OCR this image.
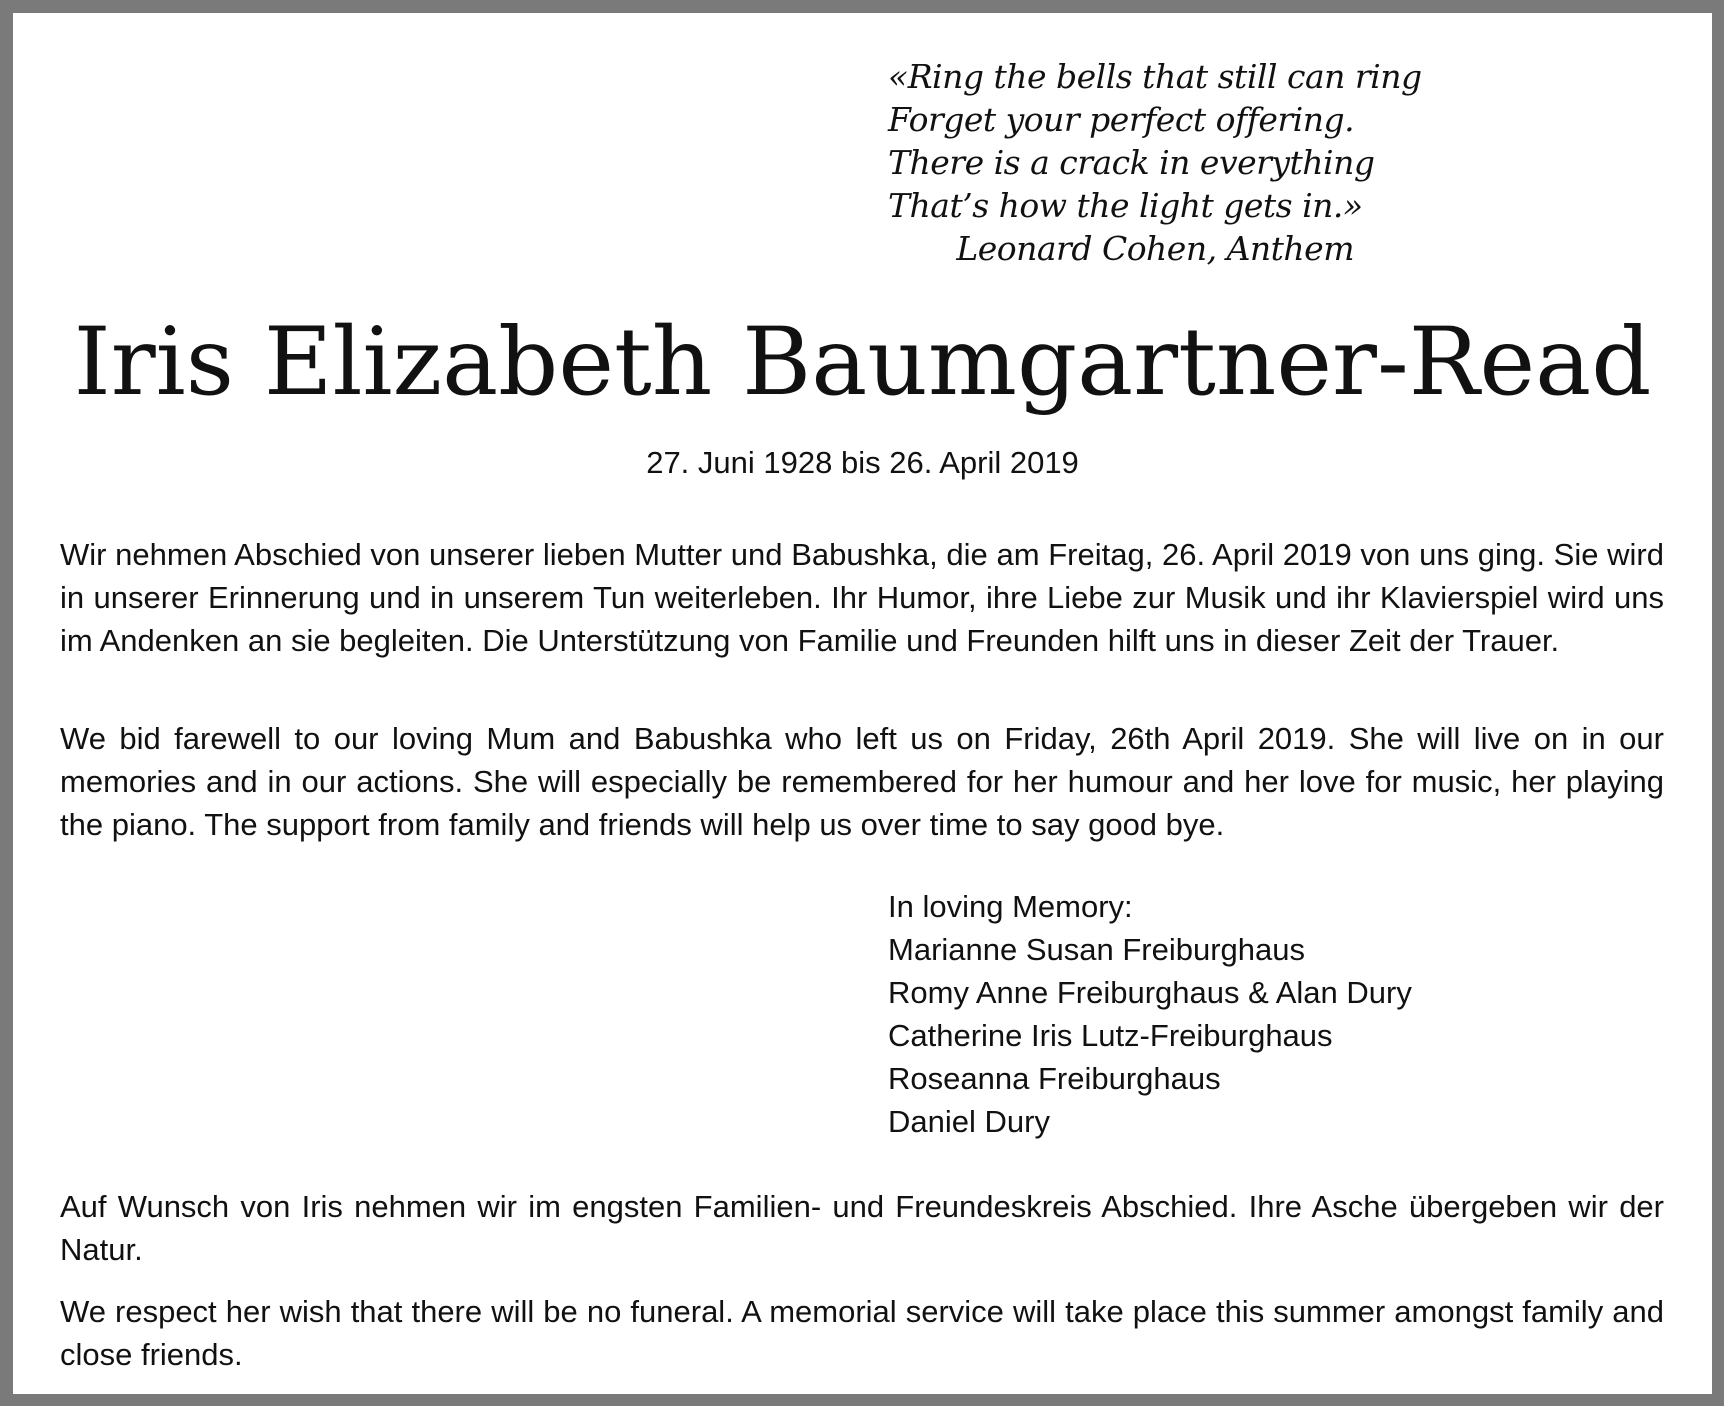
«Ring the bells that still can ring
Forget your perfect offering.
There is a crack in everything
That’s how the light gets in.»
Leonard Cohen, Anthem
Iris Elizabeth Baumgartner-Read
27. Juni 1928 bis 26. April 2019

Wir nehmen Abschied von unserer lieben Mutter und Babushka, die am Freitag, 26. April 2019 von uns ging. Sie wird in unserer Erinnerung und in unserem Tun weiterleben. Ihr Humor, ihre Liebe zur Musik und ihr Klavierspiel wird uns im Andenken an sie begleiten. Die Unterstützung von Familie und Freunden hilft uns in dieser Zeit der Trauer.

We bid farewell to our loving Mum and Babushka who left us on Friday, 26th April 2019. She will live on in our memories and in our actions. She will especially be remembered for her humour and her love for music, her playing the piano. The support from family and friends will help us over time to say good bye.

In loving Memory:
Marianne Susan Freiburghaus
Romy Anne Freiburghaus & Alan Dury
Catherine Iris Lutz-Freiburghaus
Roseanna Freiburghaus
Daniel Dury

Auf Wunsch von Iris nehmen wir im engsten Familien- und Freundeskreis Abschied. Ihre Asche übergeben wir der Natur.

We respect her wish that there will be no funeral. A memorial service will take place this summer amongst family and close friends.
